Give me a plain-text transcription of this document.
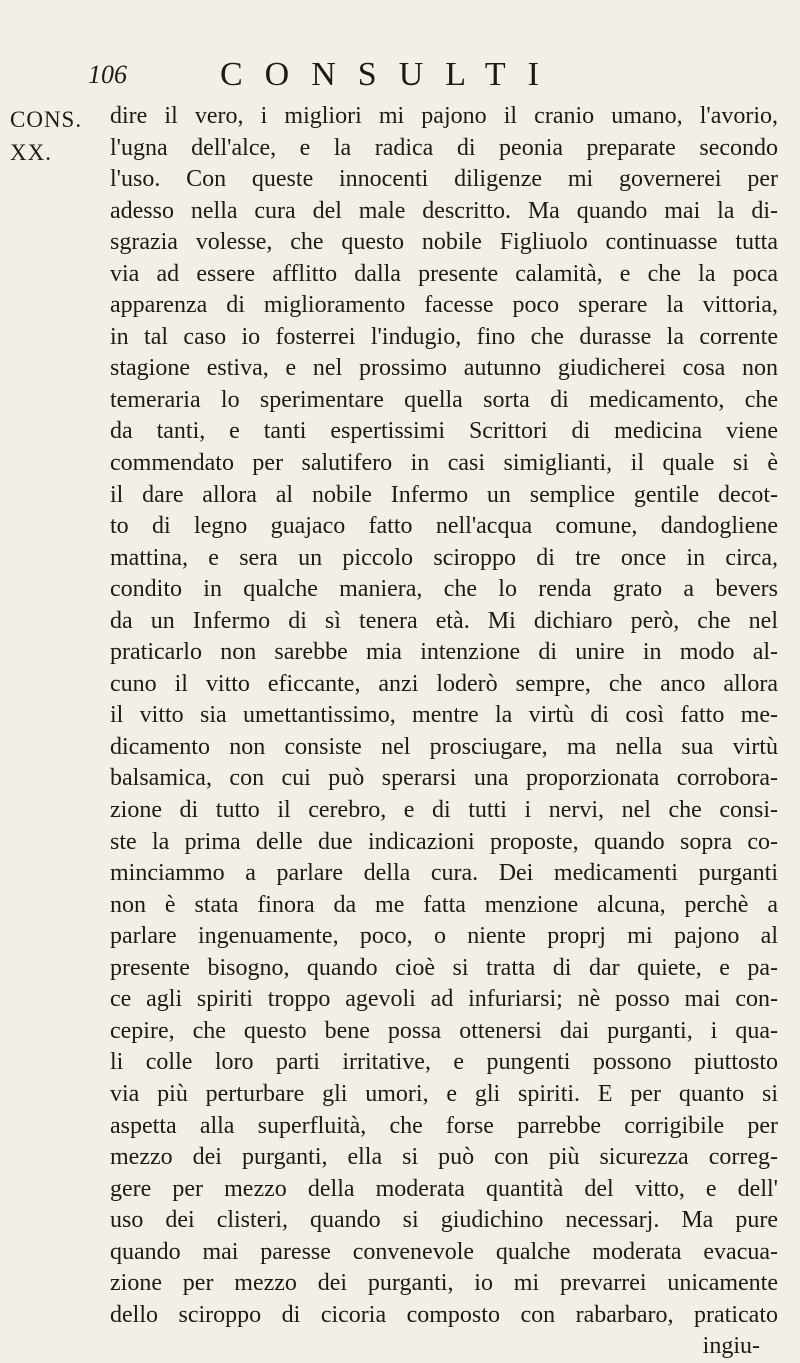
106	CONSULTI
CONS.
XX.
dire il vero, i migliori mi pajono il cranio umano, l'avorio,
l'ugna dell'alce, e la radica di peonia preparate secondo
l'uso. Con queste innocenti diligenze mi governerei per
adesso nella cura del male descritto. Ma quando mai la di-
sgrazia volesse, che questo nobile Figliuolo continuasse tutta
via ad essere afflitto dalla presente calamità, e che la poca
apparenza di miglioramento facesse poco sperare la vittoria,
in tal caso io fosterrei l'indugio, fino che durasse la corrente
stagione estiva, e nel prossimo autunno giudicherei cosa non
temeraria lo sperimentare quella sorta di medicamento, che
da tanti, e tanti espertissimi Scrittori di medicina viene
commendato per salutifero in casi simiglianti, il quale si è
il dare allora al nobile Infermo un semplice gentile decot-
to di legno guajaco fatto nell'acqua comune, dandogliene
mattina, e sera un piccolo sciroppo di tre once in circa,
condito in qualche maniera, che lo renda grato a bevers
da un Infermo di sì tenera età. Mi dichiaro però, che nel
praticarlo non sarebbe mia intenzione di unire in modo al-
cuno il vitto eficcante, anzi loderò sempre, che anco allora
il vitto sia umettantissimo, mentre la virtù di così fatto me-
dicamento non consiste nel prosciugare, ma nella sua virtù
balsamica, con cui può sperarsi una proporzionata corrobora-
zione di tutto il cerebro, e di tutti i nervi, nel che consi-
ste la prima delle due indicazioni proposte, quando sopra co-
minciammo a parlare della cura. Dei medicamenti purganti
non è stata finora da me fatta menzione alcuna, perchè a
parlare ingenuamente, poco, o niente proprj mi pajono al
presente bisogno, quando cioè si tratta di dar quiete, e pa-
ce agli spiriti troppo agevoli ad infuriarsi; nè posso mai con-
cepire, che questo bene possa ottenersi dai purganti, i qua-
li colle loro parti irritative, e pungenti possono piuttosto
via più perturbare gli umori, e gli spiriti. E per quanto si
aspetta alla superfluità, che forse parrebbe corrigibile per
mezzo dei purganti, ella si può con più sicurezza correg-
gere per mezzo della moderata quantità del vitto, e dell'
uso dei clisteri, quando si giudichino necessarj. Ma pure
quando mai paresse convenevole qualche moderata evacua-
zione per mezzo dei purganti, io mi prevarrei unicamente
dello sciroppo di cicoria composto con rabarbaro, praticato
ingiu-
